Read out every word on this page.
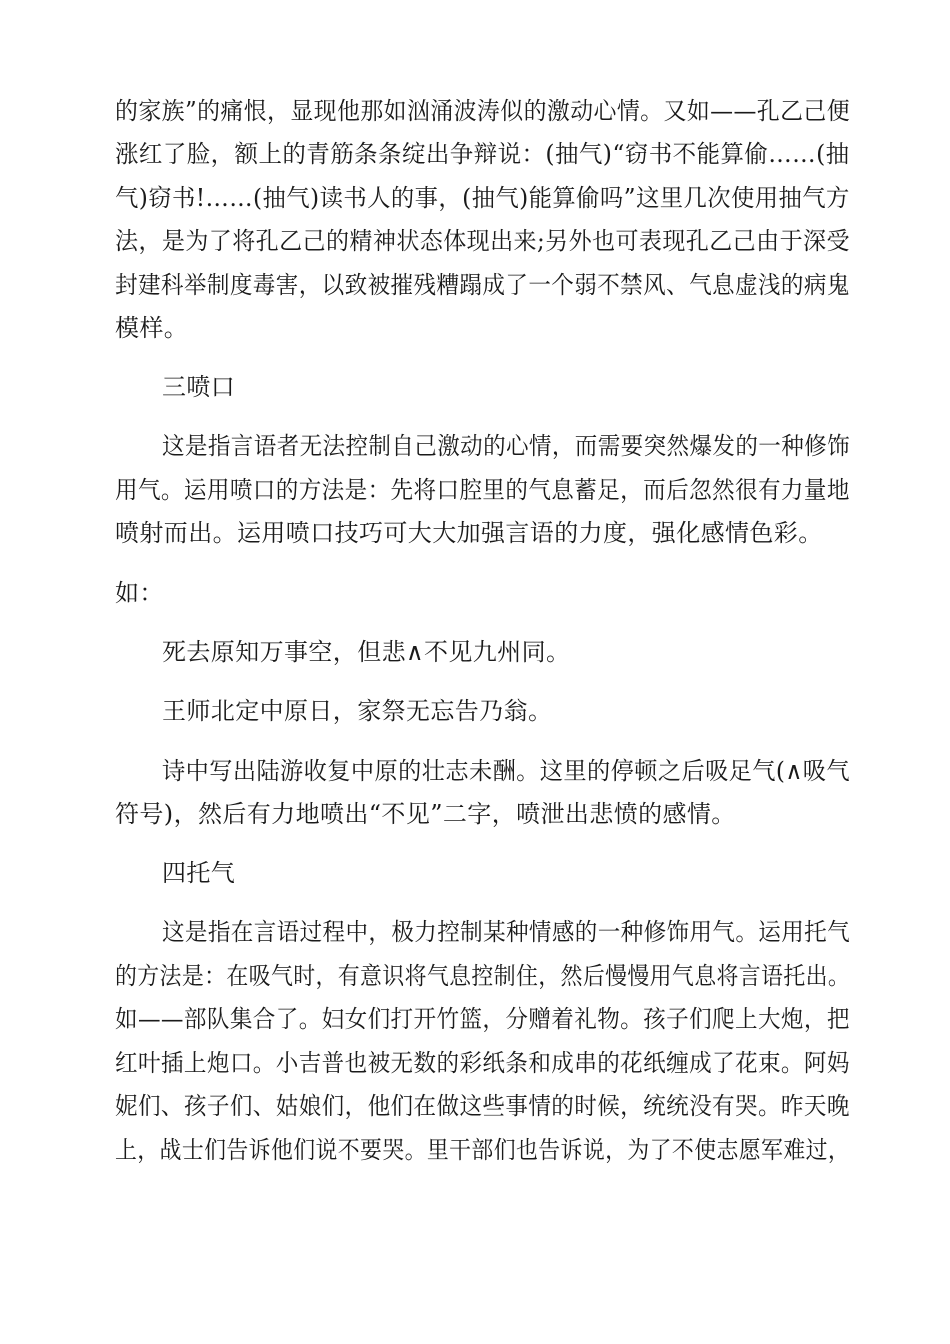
的家族”的痛恨，显现他那如汹涌波涛似的激动心情。又如——孔乙己便
涨红了脸，额上的青筋条条绽出争辩说：(抽气)“窃书不能算偷……(抽
气)窃书!……(抽气)读书人的事，(抽气)能算偷吗”这里几次使用抽气方
法，是为了将孔乙己的精神状态体现出来;另外也可表现孔乙己由于深受
封建科举制度毒害，以致被摧残糟蹋成了一个弱不禁风、气息虚浅的病鬼
模样。
三喷口
这是指言语者无法控制自己激动的心情，而需要突然爆发的一种修饰
用气。运用喷口的方法是：先将口腔里的气息蓄足，而后忽然很有力量地
喷射而出。运用喷口技巧可大大加强言语的力度，强化感情色彩。
如：
死去原知万事空，但悲∧不见九州同。
王师北定中原日，家祭无忘告乃翁。
诗中写出陆游收复中原的壮志未酬。这里的停顿之后吸足气(∧吸气
符号)，然后有力地喷出“不见”二字，喷泄出悲愤的感情。
四托气
这是指在言语过程中，极力控制某种情感的一种修饰用气。运用托气
的方法是：在吸气时，有意识将气息控制住，然后慢慢用气息将言语托出。
如——部队集合了。妇女们打开竹篮，分赠着礼物。孩子们爬上大炮，把
红叶插上炮口。小吉普也被无数的彩纸条和成串的花纸缠成了花束。阿妈
妮们、孩子们、姑娘们，他们在做这些事情的时候，统统没有哭。昨天晚
上，战士们告诉他们说不要哭。里干部们也告诉说，为了不使志愿军难过，
